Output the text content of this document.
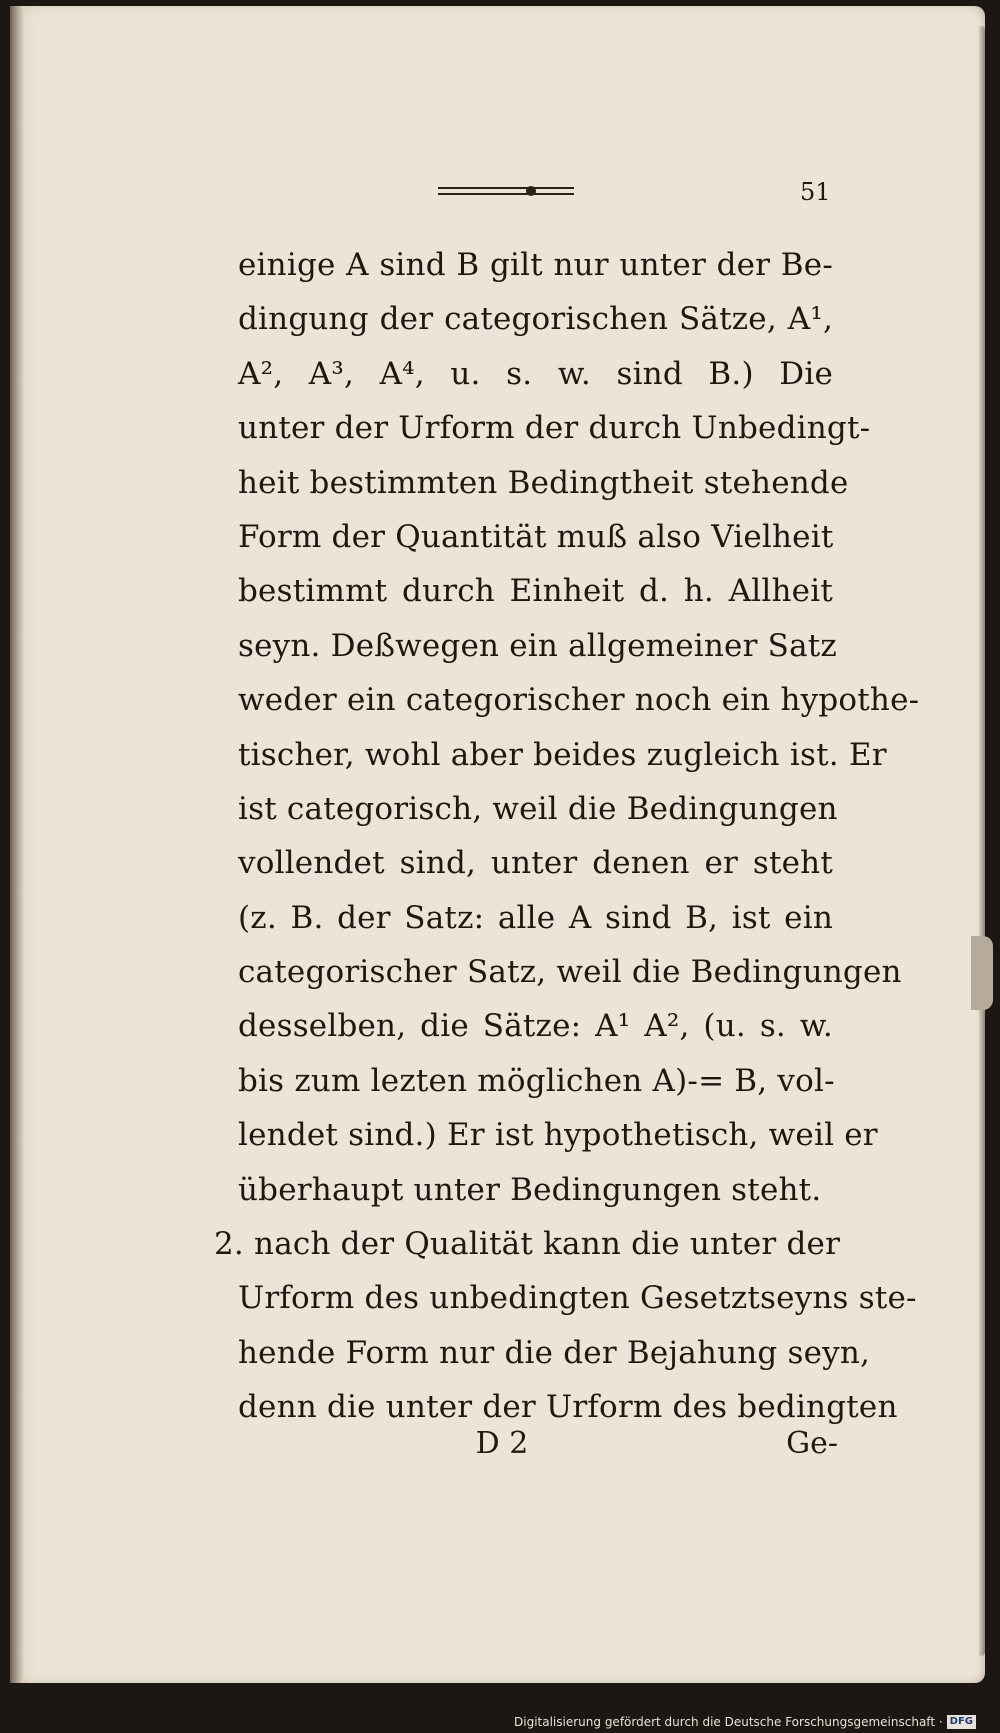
51
einige A sind B gilt nur unter der Be-
dingung der categorischen Sätze, A¹,
A², A³, A⁴, u. s. w. sind B.) Die
unter der Urform der durch Unbedingt-
heit bestimmten Bedingtheit stehende
Form der Quantität muß also Vielheit
bestimmt durch Einheit d. h. Allheit
seyn. Deßwegen ein allgemeiner Satz
weder ein categorischer noch ein hypothe-
tischer, wohl aber beides zugleich ist. Er
ist categorisch, weil die Bedingungen
vollendet sind, unter denen er steht
(z. B. der Satz: alle A sind B, ist ein
categorischer Satz, weil die Bedingungen
desselben, die Sätze: A¹ A², (u. s. w.
bis zum lezten möglichen A)-= B, vol-
lendet sind.) Er ist hypothetisch, weil er
überhaupt unter Bedingungen steht.
2. nach der Qualität kann die unter der
Urform des unbedingten Gesetztseyns ste-
hende Form nur die der Bejahung seyn,
denn die unter der Urform des bedingten
D 2	Ge-
Digitalisierung gefördert durch die Deutsche Forschungsgemeinschaft · DFG
